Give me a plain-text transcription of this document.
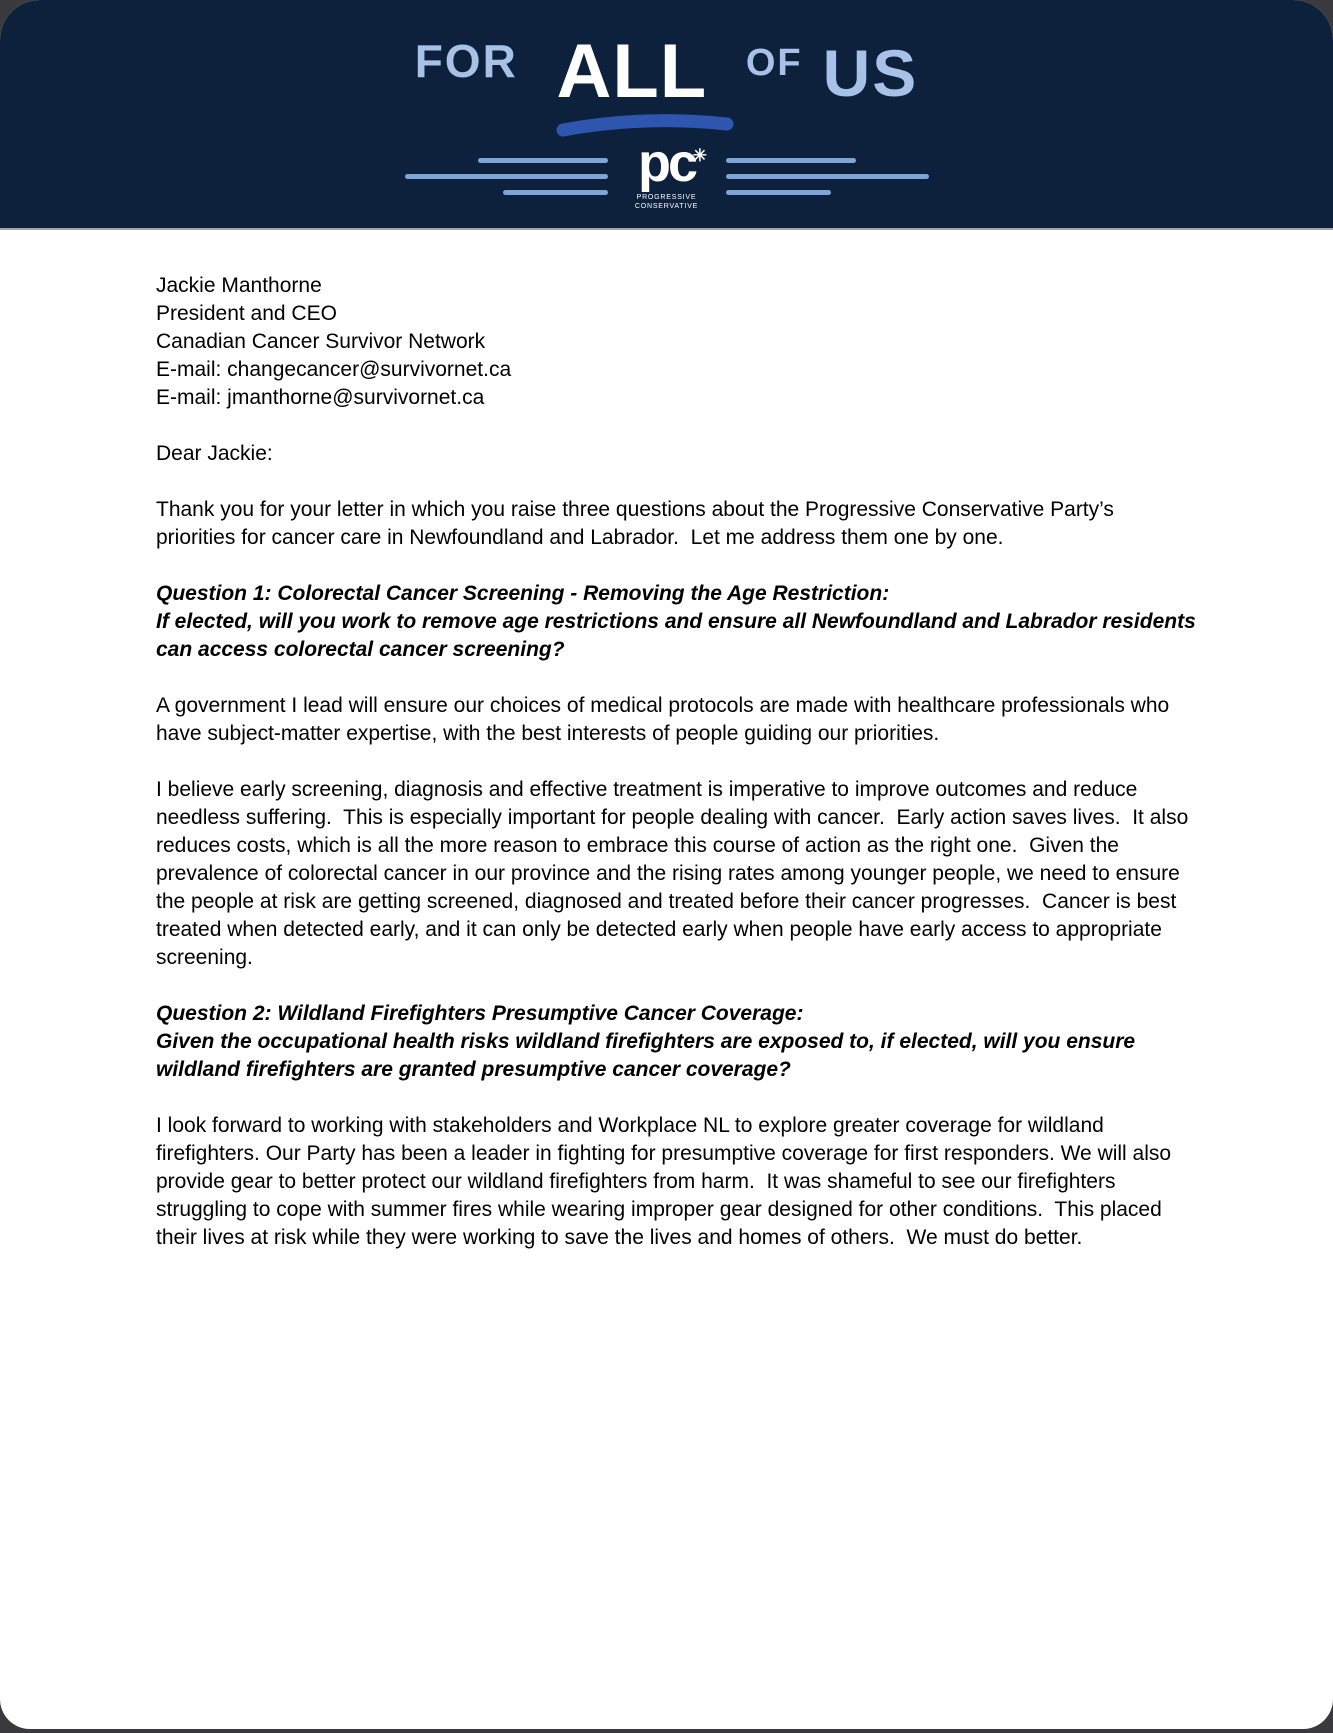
FOR ALL OF US
pc
✳
PROGRESSIVE
CONSERVATIVE
Jackie Manthorne
President and CEO
Canadian Cancer Survivor Network
E-mail: changecancer@survivornet.ca
E-mail: jmanthorne@survivornet.ca

Dear Jackie:

Thank you for your letter in which you raise three questions about the Progressive Conservative Party’s priorities for cancer care in Newfoundland and Labrador.  Let me address them one by one.

Question 1: Colorectal Cancer Screening - Removing the Age Restriction:
If elected, will you work to remove age restrictions and ensure all Newfoundland and Labrador residents can access colorectal cancer screening?

A government I lead will ensure our choices of medical protocols are made with healthcare professionals who have subject-matter expertise, with the best interests of people guiding our priorities.

I believe early screening, diagnosis and effective treatment is imperative to improve outcomes and reduce needless suffering.  This is especially important for people dealing with cancer.  Early action saves lives.  It also reduces costs, which is all the more reason to embrace this course of action as the right one.  Given the prevalence of colorectal cancer in our province and the rising rates among younger people, we need to ensure the people at risk are getting screened, diagnosed and treated before their cancer progresses.  Cancer is best treated when detected early, and it can only be detected early when people have early access to appropriate screening.

Question 2: Wildland Firefighters Presumptive Cancer Coverage:
Given the occupational health risks wildland firefighters are exposed to, if elected, will you ensure wildland firefighters are granted presumptive cancer coverage?

I look forward to working with stakeholders and Workplace NL to explore greater coverage for wildland firefighters. Our Party has been a leader in fighting for presumptive coverage for first responders. We will also provide gear to better protect our wildland firefighters from harm.  It was shameful to see our firefighters struggling to cope with summer fires while wearing improper gear designed for other conditions.  This placed their lives at risk while they were working to save the lives and homes of others.  We must do better.
